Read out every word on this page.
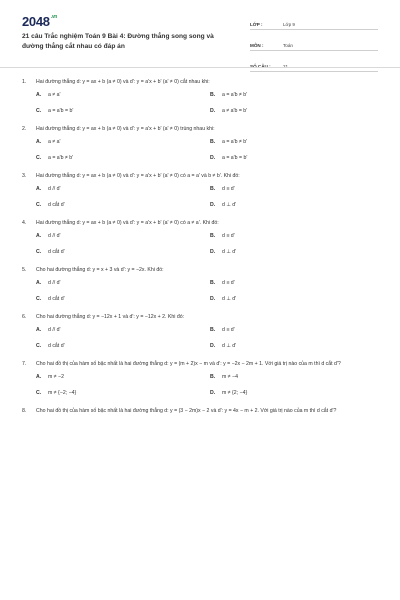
$2048^{.vn}$
21 câu Trắc nghiệm Toán 9 Bài 4: Đường thẳng song song và đường thẳng cắt nhau có đáp án
LỚP :	Lớp 9
MÔN :	Toán
SỐ CÂU :	21
1.	Hai đường thẳng d: y = ax + b (a ≠ 0) và d': y = a'x + b' (a' ≠ 0) cắt nhau khi:
A.	a ≠ a'	B.	a = a'b ≠ b'
C.	a = a'b = b'	D.	a ≠ a'b = b'
2.	Hai đường thẳng d: y = ax + b (a ≠ 0) và d': y = a'x + b' (a' ≠ 0) trùng nhau khi:
A.	a ≠ a'	B.	a = a'b ≠ b'
C.	a = a'b ≠ b'	D.	a = a'b = b'
3.	Hai đường thẳng d: y = ax + b (a ≠ 0) và d': y = a'x + b' (a' ≠ 0) có a = a' và b ≠ b'. Khi đó:
A.	d // d'	B.	d ≡ d'
C.	d cắt d'	D.	d ⊥ d'
4.	Hai đường thẳng d: y = ax + b (a ≠ 0) và d': y = a'x + b' (a' ≠ 0) có a ≠ a'. Khi đó:
A.	d // d'	B.	d ≡ d'
C.	d cắt d'	D.	d ⊥ d'
5.	Cho hai đường thẳng d: y = x + 3 và d': y = −2x. Khi đó:
A.	d // d'	B.	d ≡ d'
C.	d cắt d'	D.	d ⊥ d'
6.	Cho hai đường thẳng d: y = −12x + 1 và d': y = −12x + 2. Khi đó:
A.	d // d'	B.	d ≡ d'
C.	d cắt d'	D.	d ⊥ d'
7.	Cho hai đồ thị của hàm số bậc nhất là hai đường thẳng d: y = (m + 2)x − m và d': y = −2x − 2m + 1. Với giá trị nào của m thì d cắt d'?
A.	m ≠ −2	B.	m ≠ −4
C.	m ≠ {−2; −4}	D.	m ≠ {2; −4}
8.	Cho hai đồ thị của hàm số bậc nhất là hai đường thẳng d: y = (3 − 2m)x − 2 và d': y = 4x − m + 2. Với giá trị nào của m thì d cắt d'?
